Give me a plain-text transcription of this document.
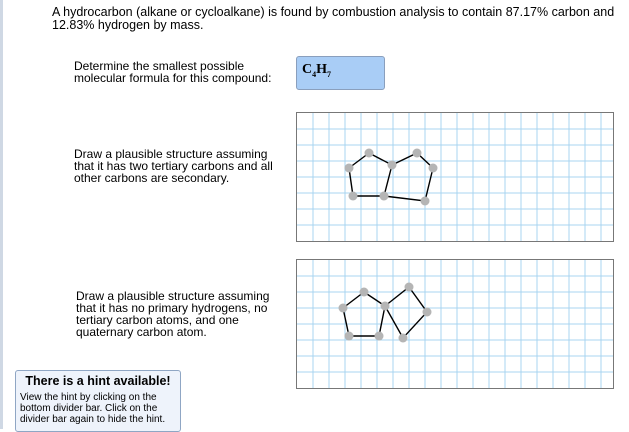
A hydrocarbon (alkane or cycloalkane) is found by combustion analysis to contain 87.17% carbon and 12.83% hydrogen by mass.
Determine the smallest possible molecular formula for this compound:
$C_4H_7$
Draw a plausible structure assuming that it has two tertiary carbons and all other carbons are secondary.
Draw a plausible structure assuming that it has no primary hydrogens, no tertiary carbon atoms, and one quaternary carbon atom.
There is a hint available!
View the hint by clicking on the bottom divider bar. Click on the divider bar again to hide the hint.
